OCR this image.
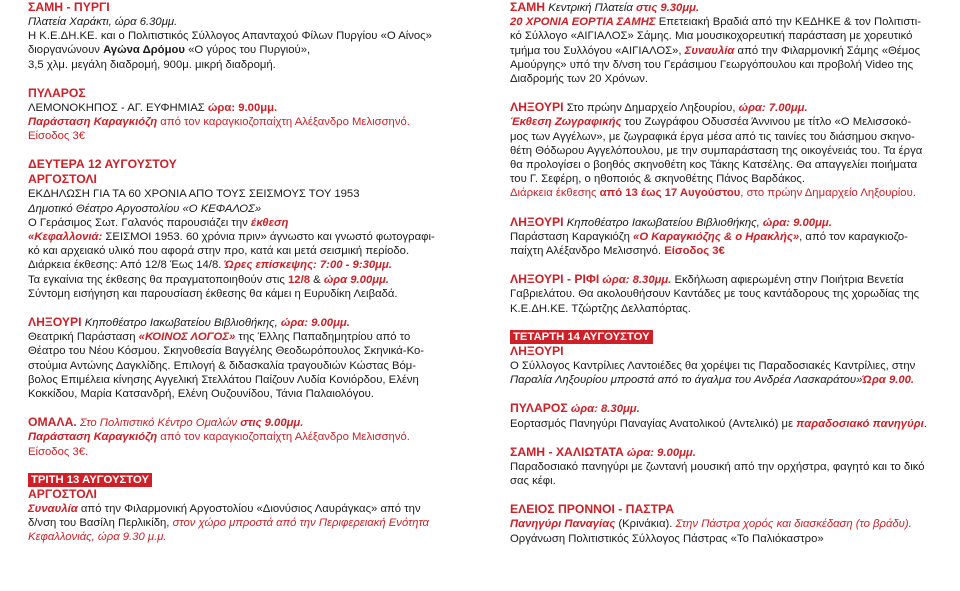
ΣΑΜΗ - ΠΥΡΓΙ

Πλατεία Χαράκτι, ώρα 6.30μμ.

Η Κ.Ε.ΔΗ.ΚΕ. και ο Πολιτιστικός Σύλλογος Απανταχού Φίλων Πυργίου «Ο Αίνος»

διοργανώνουν Αγώνα Δρόμου «Ο γύρος του Πυργιού»,

3,5 χλμ. μεγάλη διαδρομή, 900μ. μικρή διαδρομή.

ΠΥΛΑΡΟΣ

ΛΕΜΟΝΟΚΗΠΟΣ - ΑΓ. ΕΥΦΗΜΙΑΣ ώρα: 9.00μμ.

Παράσταση Καραγκιόζη από τον καραγκιοζοπαίχτη Αλέξανδρο Μελισσηνό.

Είσοδος 3€

ΔΕΥΤΕΡΑ 12 ΑΥΓΟΥΣΤΟΥ

ΑΡΓΟΣΤΟΛΙ

ΕΚΔΗΛΩΣΗ ΓΙΑ ΤΑ 60 ΧΡΟΝΙΑ ΑΠΟ ΤΟΥΣ ΣΕΙΣΜΟΥΣ ΤΟΥ 1953

Δημοτικό Θέατρο Αργοστολίου «Ο ΚΕΦΑΛΟΣ»

Ο Γεράσιμος Σωτ. Γαλανός παρουσιάζει την έκθεση

«Κεφαλλονιά: ΣΕΙΣΜΟΙ 1953. 60 χρόνια πριν» άγνωστο και γνωστό φωτογραφι-

κό και αρχειακό υλικό που αφορά στην προ, κατά και μετά σεισμική περίοδο.

Διάρκεια έκθεσης: Από 12/8 Έως 14/8. Ώρες επίσκεψης: 7:00 - 9:30μμ.

Τα εγκαίνια της έκθεσης θα πραγματοποιηθούν στις 12/8 & ώρα 9.00μμ.

Σύντομη εισήγηση και παρουσίαση έκθεσης θα κάμει η Ευρυδίκη Λειβαδά.

ΛΗΞΟΥΡΙ Κηποθέατρο Ιακωβατείου Βιβλιοθήκης, ώρα: 9.00μμ.

Θεατρική Παράσταση «ΚΟΙΝΟΣ ΛΟΓΟΣ» της Έλλης Παπαδημητρίου από το

Θέατρο του Νέου Κόσμου. Σκηνοθεσία Βαγγέλης Θεοδωρόπουλος Σκηνικά-Κο-

στούμια Αντώνης Δαγκλίδης. Επιλογή & διδασκαλία τραγουδιών Κώστας Βόμ-

βολος Επιμέλεια κίνησης Αγγελική Στελλάτου Παίζουν Λυδία Κονιόρδου, Ελένη

Κοκκίδου, Μαρία Κατσανδρή, Ελένη Ουζουνίδου, Τάνια Παλαιολόγου.

ΟΜΑΛΑ. Στο Πολιτιστικό Κέντρο Ομαλών στις 9.00μμ.

Παράσταση Καραγκιόζη από τον καραγκιοζοπαίχτη Αλέξανδρο Μελισσηνό.

Είσοδος 3€.

ΤΡΙΤΗ 13 ΑΥΓΟΥΣΤΟΥ

ΑΡΓΟΣΤΟΛΙ

Συναυλία από την Φιλαρμονική Αργοστολίου «Διονύσιος Λαυράγκας» από την

δ/νση του Βασίλη Περλικίδη, στον χώρο μπροστά από την Περιφερειακή Ενότητα

Κεφαλλονιάς, ώρα 9.30 μ.μ.

ΣΑΜΗ Κεντρική Πλατεία στις 9.30μμ.

20 ΧΡΟΝΙΑ ΕΟΡΤΙΑ ΣΑΜΗΣ Επετειακή Βραδιά από την ΚΕΔΗΚΕ & τον Πολιτιστι-

κό Σύλλογο «ΑΙΓΙΑΛΟΣ» Σάμης. Μια μουσικοχορευτική παράσταση με χορευτικό

τμήμα του Συλλόγου «ΑΙΓΙΑΛΟΣ», Συναυλία από την Φιλαρμονική Σάμης «Θέμος

Αμούργης» υπό την δ/νση του Γεράσιμου Γεωργόπουλου και προβολή Video της

Διαδρομής των 20 Χρόνων.

ΛΗΞΟΥΡΙ Στο πρώην Δημαρχείο Ληξουρίου, ώρα: 7.00μμ.

Έκθεση Ζωγραφικής του Ζωγράφου Οδυσσέα Άννινου με τίτλο «Ο Μελισσοκό-

μος των Αγγέλων», με ζωγραφικά έργα μέσα από τις ταινίες του διάσημου σκηνο-

θέτη Θόδωρου Αγγελόπουλου, με την συμπαράσταση της οικογένειάς του. Τα έργα

θα προλογίσει ο βοηθός σκηνοθέτη κος Τάκης Κατσέλης. Θα απαγγελίει ποιήματα

του Γ. Σεφέρη, ο ηθοποιός & σκηνοθέτης Πάνος Βαρδάκος.

Διάρκεια έκθεσης από 13 έως 17 Αυγούστου, στο πρώην Δημαρχείο Ληξουρίου.

ΛΗΞΟΥΡΙ Κηποθέατρο Ιακωβατείου Βιβλιοθήκης, ώρα: 9.00μμ.

Παράσταση Καραγκιόζη «Ο Καραγκιόζης & ο Ηρακλής», από τον καραγκιοζο-

παίχτη Αλέξανδρο Μελισσηνό. Είσοδος 3€

ΛΗΞΟΥΡΙ - ΡΙΦΙ ώρα: 8.30μμ. Εκδήλωση αφιερωμένη στην Ποιήτρια Βενετία

Γαβριελάτου. Θα ακολουθήσουν Καντάδες με τους καντάδορους της χορωδίας της

Κ.Ε.ΔΗ.ΚΕ. Τζώρτζης Δελλαπόρτας.

ΤΕΤΑΡΤΗ 14 ΑΥΓΟΥΣΤΟΥ

ΛΗΞΟΥΡΙ

Ο Σύλλογος Καντρίλιες Λαντοιέδες θα χορέψει τις Παραδοσιακές Καντρίλιες, στην

Παραλία Ληξουρίου μπροστά από το άγαλμα του Ανδρέα Λασκαράτου»Ώρα 9.00.

ΠΥΛΑΡΟΣ ώρα: 8.30μμ.

Εορτασμός Πανηγύρι Παναγίας Ανατολικού (Αντελικό) με παραδοσιακό πανηγύρι.

ΣΑΜΗ - ΧΑΛΙΩΤΑΤΑ ώρα: 9.00μμ.

Παραδοσιακό πανηγύρι με ζωντανή μουσική από την ορχήστρα, φαγητό και το δικό σας κέφι.

ΕΛΕΙΟΣ ΠΡΟΝΝΟΙ - ΠΑΣΤΡΑ

Πανηγύρι Παναγίας (Κρινάκια). Στην Πάστρα χορός και διασκέδαση (το βράδυ).

Οργάνωση Πολιτιστικός Σύλλογος Πάστρας «Το Παλιόκαστρο»
